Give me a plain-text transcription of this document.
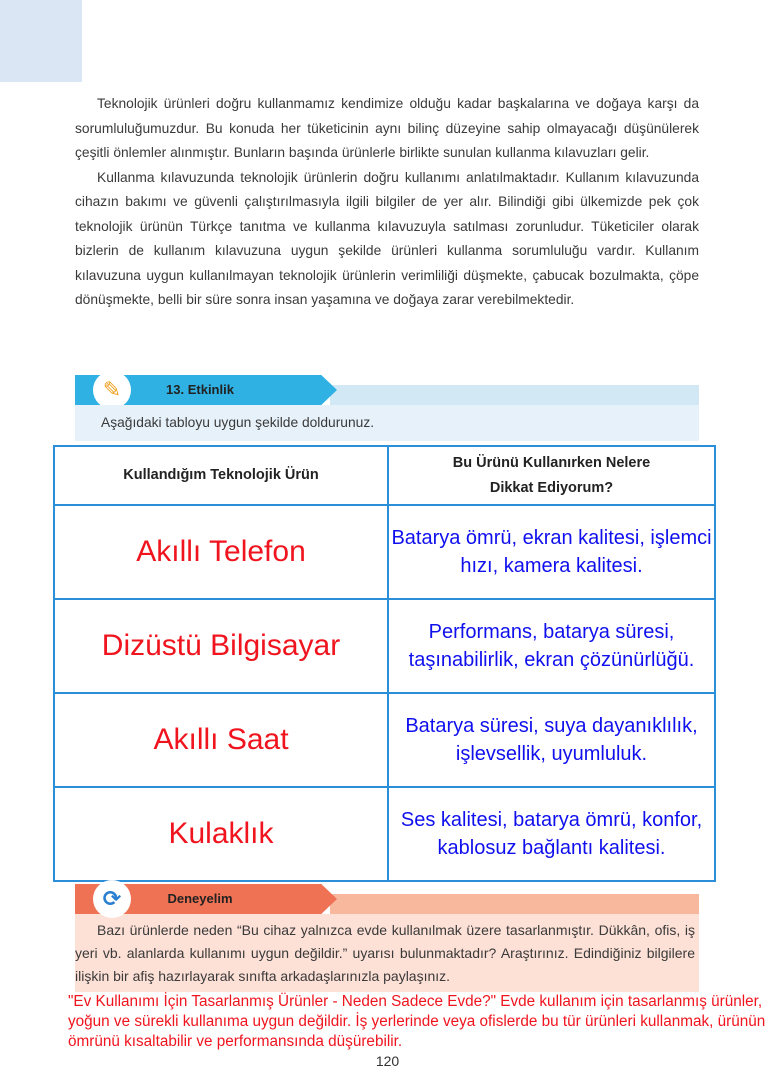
Teknolojik ürünleri doğru kullanmamız kendimize olduğu kadar başkalarına ve doğaya karşı da sorumluluğumuzdur. Bu konuda her tüketicinin aynı bilinç düzeyine sahip olmayacağı düşünülerek çeşitli önlemler alınmıştır. Bunların başında ürünlerle birlikte sunulan kullanma kılavuzları gelir.

Kullanma kılavuzunda teknolojik ürünlerin doğru kullanımı anlatılmaktadır. Kullanım kılavuzunda cihazın bakımı ve güvenli çalıştırılmasıyla ilgili bilgiler de yer alır. Bilindiği gibi ülkemizde pek çok teknolojik ürünün Türkçe tanıtma ve kullanma kılavuzuyla satılması zorunludur. Tüketiciler olarak bizlerin de kullanım kılavuzuna uygun şekilde ürünleri kullanma sorumluluğu vardır. Kullanım kılavuzuna uygun kullanılmayan teknolojik ürünlerin verimliliği düşmekte, çabucak bozulmakta, çöpe dönüşmekte, belli bir süre sonra insan yaşamına ve doğaya zarar verebilmektedir.

✎	13. Etkinlik
Aşağıdaki tabloyu uygun şekilde doldurunuz.
Kullandığım Teknolojik Ürün	Bu Ürünü Kullanırken Nelere Dikkat Ediyorum?
Akıllı Telefon	Batarya ömrü, ekran kalitesi, işlemci hızı, kamera kalitesi.
Dizüstü Bilgisayar	Performans, batarya süresi, taşınabilirlik, ekran çözünürlüğü.
Akıllı Saat	Batarya süresi, suya dayanıklılık, işlevsellik, uyumluluk.
Kulaklık	Ses kalitesi, batarya ömrü, konfor, kablosuz bağlantı kalitesi.
⟳	Deneyelim

Bazı ürünlerde neden “Bu cihaz yalnızca evde kullanılmak üzere tasarlanmıştır. Dükkân, ofis, iş yeri vb. alanlarda kullanımı uygun değildir.” uyarısı bulunmaktadır? Araştırınız. Edindiğiniz bilgilere ilişkin bir afiş hazırlayarak sınıfta arkadaşlarınızla paylaşınız.

"Ev Kullanımı İçin Tasarlanmış Ürünler - Neden Sadece Evde?" Evde kullanım için tasarlanmış ürünler, yoğun ve sürekli kullanıma uygun değildir. İş yerlerinde veya ofislerde bu tür ürünleri kullanmak, ürünün ömrünü kısaltabilir ve performansında düşürebilir.
120
